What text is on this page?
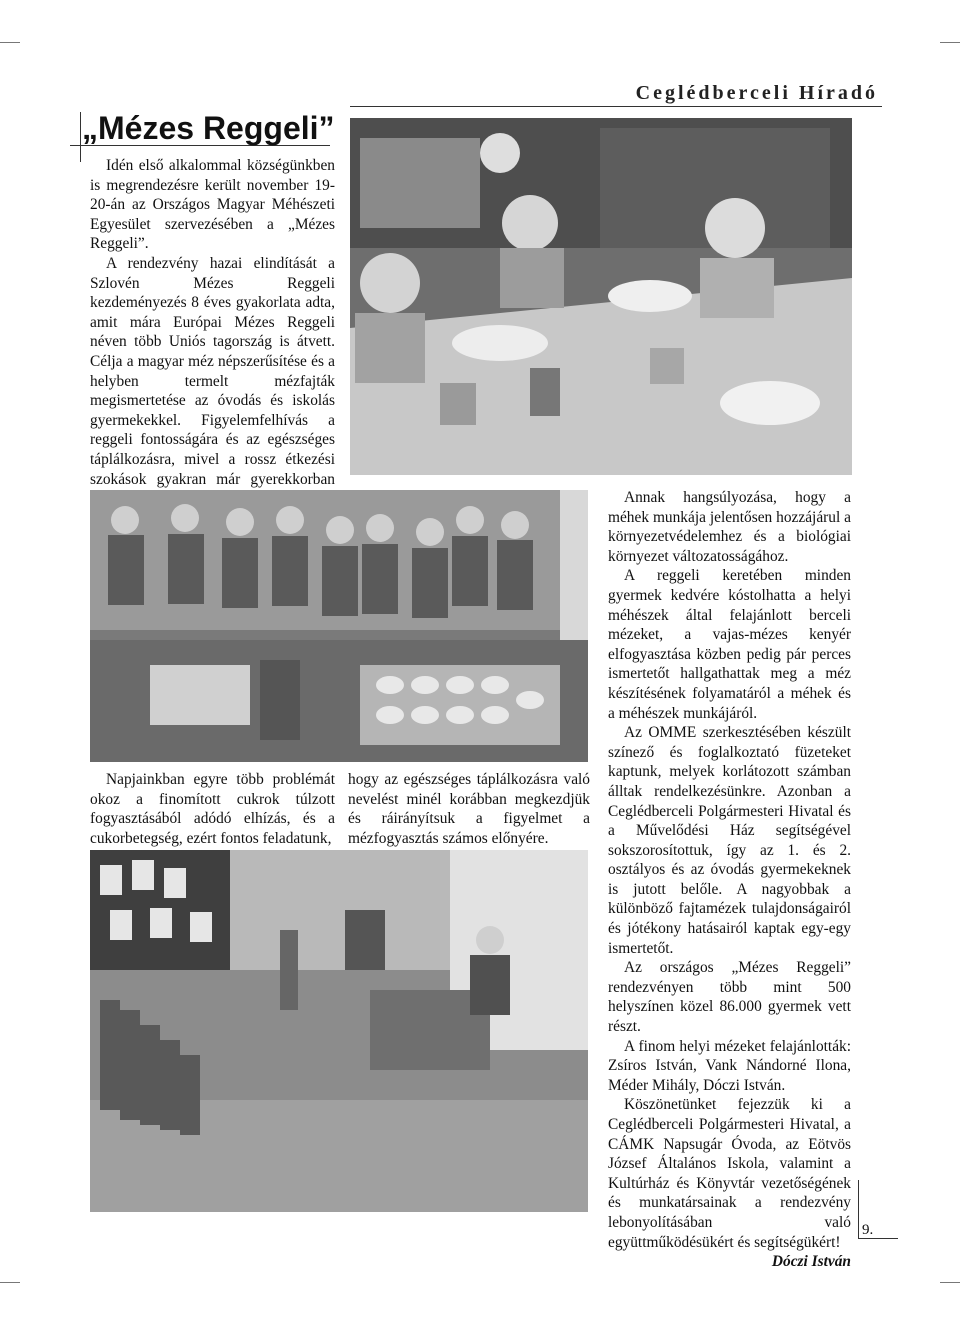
Ceglédberceli Híradó
„Mézes Reggeli”

Idén első alkalommal községünkben is megrendezésre került november 19-20-án az Országos Magyar Méhészeti Egyesület szervezésében a „Mézes Reggeli”.

A rendezvény hazai elindítását a Szlovén Mézes Reggeli kezdeményezés 8 éves gyakorlata adta, amit mára Európai Mézes Reggeli néven több Uniós tagország is átvett. Célja a magyar méz népszerűsítése és a helyben termelt mézfajták megismertetése az óvodás és iskolás gyermekekkel. Figyelemfelhívás a reggeli fontosságára és az egészséges táplálkozásra, mivel a rossz étkezési szokások gyakran már gyerekkorban

Napjainkban egyre több problémát okoz a finomított cukrok túlzott fogyasztásából adódó elhízás, és a cukorbetegség, ezért fontos feladatunk,

hogy az egészséges táplálkozásra való nevelést minél korábban megkezdjük és ráirányítsuk a figyelmet a mézfogyasztás számos előnyére.

Annak hangsúlyozása, hogy a méhek munkája jelentősen hozzájárul a környezetvédelemhez és a biológiai környezet változatosságához.

A reggeli keretében minden gyermek kedvére kóstolhatta a helyi méhészek által felajánlott berceli mézeket, a vajas-mézes kenyér elfogyasztása közben pedig pár perces ismertetőt hallgathattak meg a méz készítésének folyamatáról a méhek és a méhészek munkájáról.

Az OMME szerkesztésében készült színező és foglalkoztató füzeteket kaptunk, melyek korlátozott számban álltak rendelkezésünkre. Azonban a Ceglédberceli Polgármesteri Hivatal és a Művelődési Ház segítségével sokszorosítottuk, így az 1. és 2. osztályos és az óvodás gyermekeknek is jutott belőle. A nagyobbak a különböző fajtamézek tulajdonságairól és jótékony hatásairól kaptak egy-egy ismertetőt.

Az országos „Mézes Reggeli” rendezvényen több mint 500 helyszínen közel 86.000 gyermek vett részt.

A finom helyi mézeket felajánlották: Zsíros István, Vank Nándorné Ilona, Méder Mihály, Dóczi István.

Köszönetünket fejezzük ki a Ceglédberceli Polgármesteri Hivatal, a CÁMK Napsugár Óvoda, az Eötvös József Általános Iskola, valamint a Kultúrház és Könyvtár vezetőségének és munkatársainak a rendezvény lebonyolításában való együttműködésükért és segítségükért!

Dóczi István
9.
